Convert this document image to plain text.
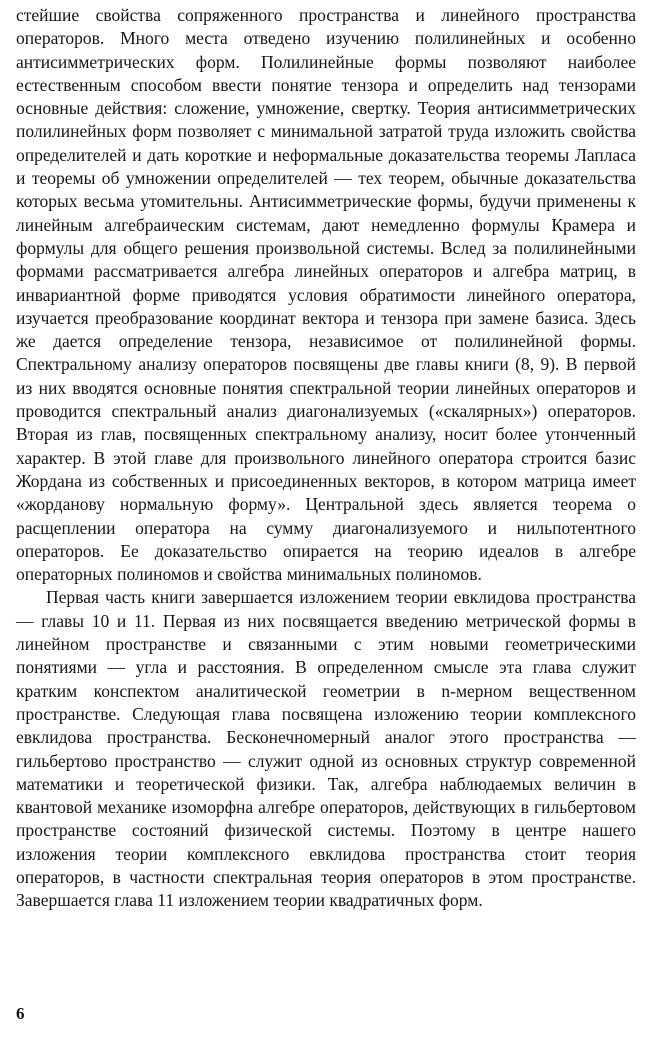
стейшие свойства сопряженного пространства и линейного пространства операторов. Много места отведено изучению полилинейных и особенно антисимметрических форм. Полилинейные формы позволяют наиболее естественным способом ввести понятие тензора и определить над тензорами основные действия: сложение, умножение, свертку. Теория антисимметрических полилинейных форм позволяет с минимальной затратой труда изложить свойства определителей и дать короткие и неформальные доказательства теоремы Лапласа и теоремы об умножении определителей — тех теорем, обычные доказательства которых весьма утомительны. Антисимметрические формы, будучи применены к линейным алгебраическим системам, дают немедленно формулы Крамера и формулы для общего решения произвольной системы. Вслед за полилинейными формами рассматривается алгебра линейных операторов и алгебра матриц, в инвариантной форме приводятся условия обратимости линейного оператора, изучается преобразование координат вектора и тензора при замене базиса. Здесь же дается определение тензора, независимое от полилинейной формы. Спектральному анализу операторов посвящены две главы книги (8, 9). В первой из них вводятся основные понятия спектральной теории линейных операторов и проводится спектральный анализ диагонализуемых («скалярных») операторов. Вторая из глав, посвященных спектральному анализу, носит более утонченный характер. В этой главе для произвольного линейного оператора строится базис Жордана из собственных и присоединенных векторов, в котором матрица имеет «жорданову нормальную форму». Центральной здесь является теорема о расщеплении оператора на сумму диагонализуемого и нильпотентного операторов. Ее доказательство опирается на теорию идеалов в алгебре операторных полиномов и свойства минимальных полиномов.

Первая часть книги завершается изложением теории евклидова пространства — главы 10 и 11. Первая из них посвящается введению метрической формы в линейном пространстве и связанными с этим новыми геометрическими понятиями — угла и расстояния. В определенном смысле эта глава служит кратким конспектом аналитической геометрии в n-мерном вещественном пространстве. Следующая глава посвящена изложению теории комплексного евклидова пространства. Бесконечномерный аналог этого пространства — гильбертово пространство — служит одной из основных структур современной математики и теоретической физики. Так, алгебра наблюдаемых величин в квантовой механике изоморфна алгебре операторов, действующих в гильбертовом пространстве состояний физической системы. Поэтому в центре нашего изложения теории комплексного евклидова пространства стоит теория операторов, в частности спектральная теория операторов в этом пространстве. Завершается глава 11 изложением теории квадратичных форм.

6
